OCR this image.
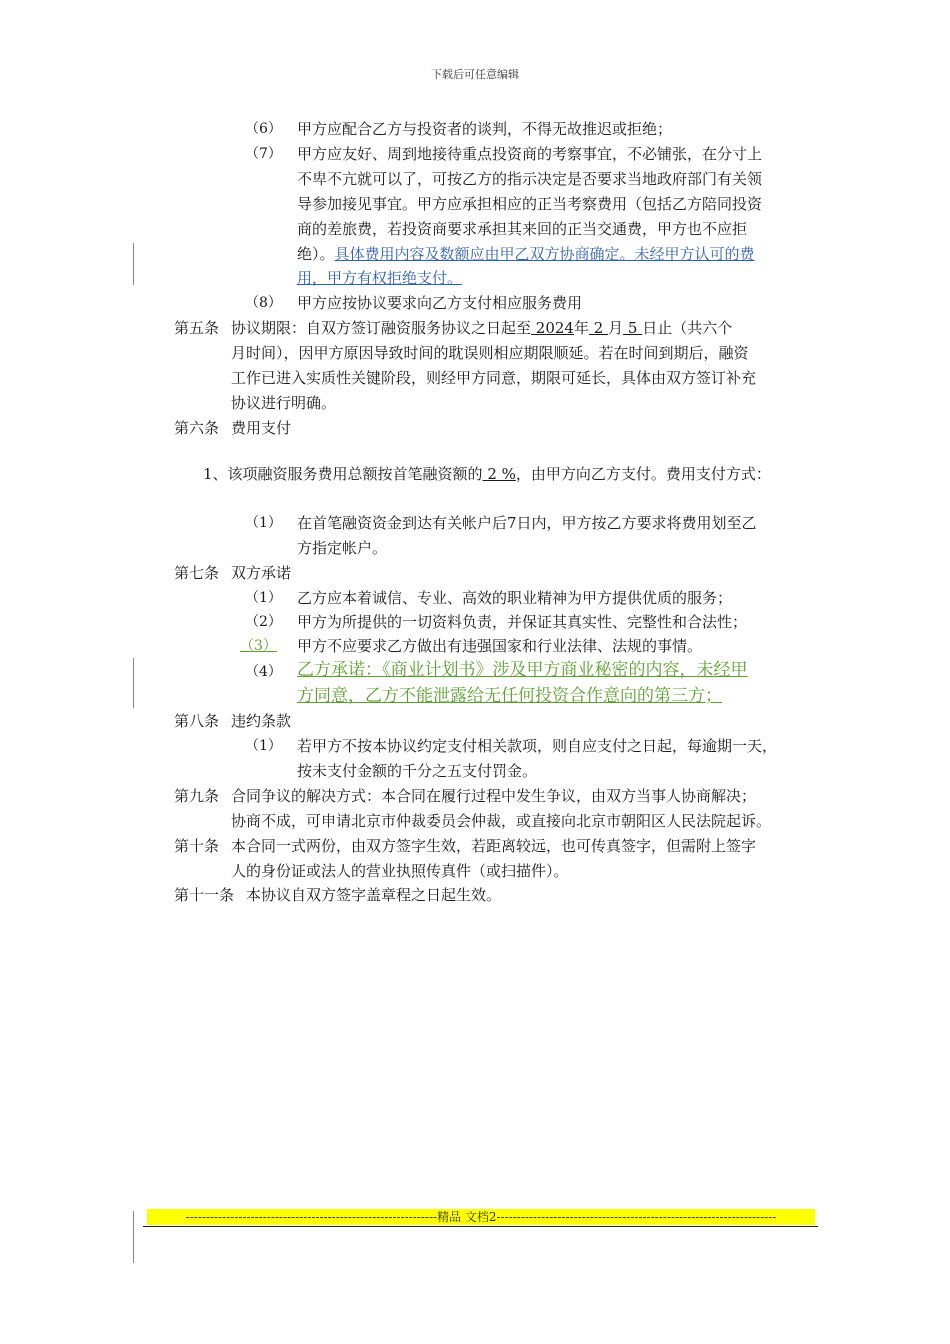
下载后可任意编辑
（6） 甲方应配合乙方与投资者的谈判，不得无故推迟或拒绝；
（7） 甲方应友好、周到地接待重点投资商的考察事宜，不必铺张，在分寸上
不卑不亢就可以了，可按乙方的指示决定是否要求当地政府部门有关领
导参加接见事宜。甲方应承担相应的正当考察费用（包括乙方陪同投资
商的差旅费，若投资商要求承担其来回的正当交通费，甲方也不应拒
绝）。具体费用内容及数额应由甲乙双方协商确定。未经甲方认可的费
用，甲方有权拒绝支付。
（8） 甲方应按协议要求向乙方支付相应服务费用
第五条 协议期限：自双方签订融资服务协议之日起至 2024年 2 月 5 日止（共六个
月时间），因甲方原因导致时间的耽误则相应期限顺延。若在时间到期后，融资
工作已进入实质性关键阶段，则经甲方同意，期限可延长，具体由双方签订补充
协议进行明确。
第六条 费用支付
1、该项融资服务费用总额按首笔融资额的 2 %，由甲方向乙方支付。费用支付方式：
（1） 在首笔融资资金到达有关帐户后7日内，甲方按乙方要求将费用划至乙
方指定帐户。
第七条 双方承诺
（1） 乙方应本着诚信、专业、高效的职业精神为甲方提供优质的服务；
（2） 甲方为所提供的一切资料负责，并保证其真实性、完整性和合法性；
（3） 甲方不应要求乙方做出有违强国家和行业法律、法规的事情。
（4） 乙方承诺：《商业计划书》涉及甲方商业秘密的内容，未经甲
方同意，乙方不能泄露给无任何投资合作意向的第三方；
第八条 违约条款
（1） 若甲方不按本协议约定支付相关款项，则自应支付之日起，每逾期一天，
按未支付金额的千分之五支付罚金。
第九条 合同争议的解决方式：本合同在履行过程中发生争议，由双方当事人协商解决；
协商不成，可申请北京市仲裁委员会仲裁，或直接向北京市朝阳区人民法院起诉。
第十条 本合同一式两份，由双方签字生效，若距离较远，也可传真签字，但需附上签字
人的身份证或法人的营业执照传真件（或扫描件）。
第十一条 本协议自双方签字盖章程之日起生效。
--------------------------------------------------------------精品 文档2---------------------------------------------------------------------
